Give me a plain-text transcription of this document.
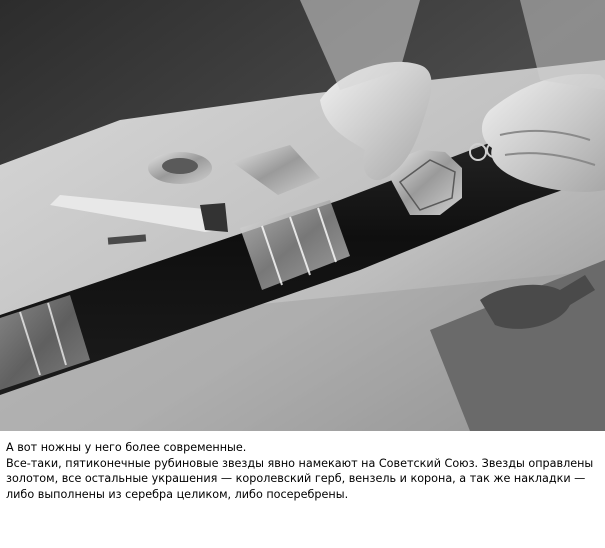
А вот ножны у него более современные.

Все-таки, пятиконечные рубиновые звезды явно намекают на Советский Союз. Звезды оправлены золотом, все остальные украшения — королевский герб, вензель и корона, а так же накладки — либо выполнены из серебра целиком, либо посеребрены.
